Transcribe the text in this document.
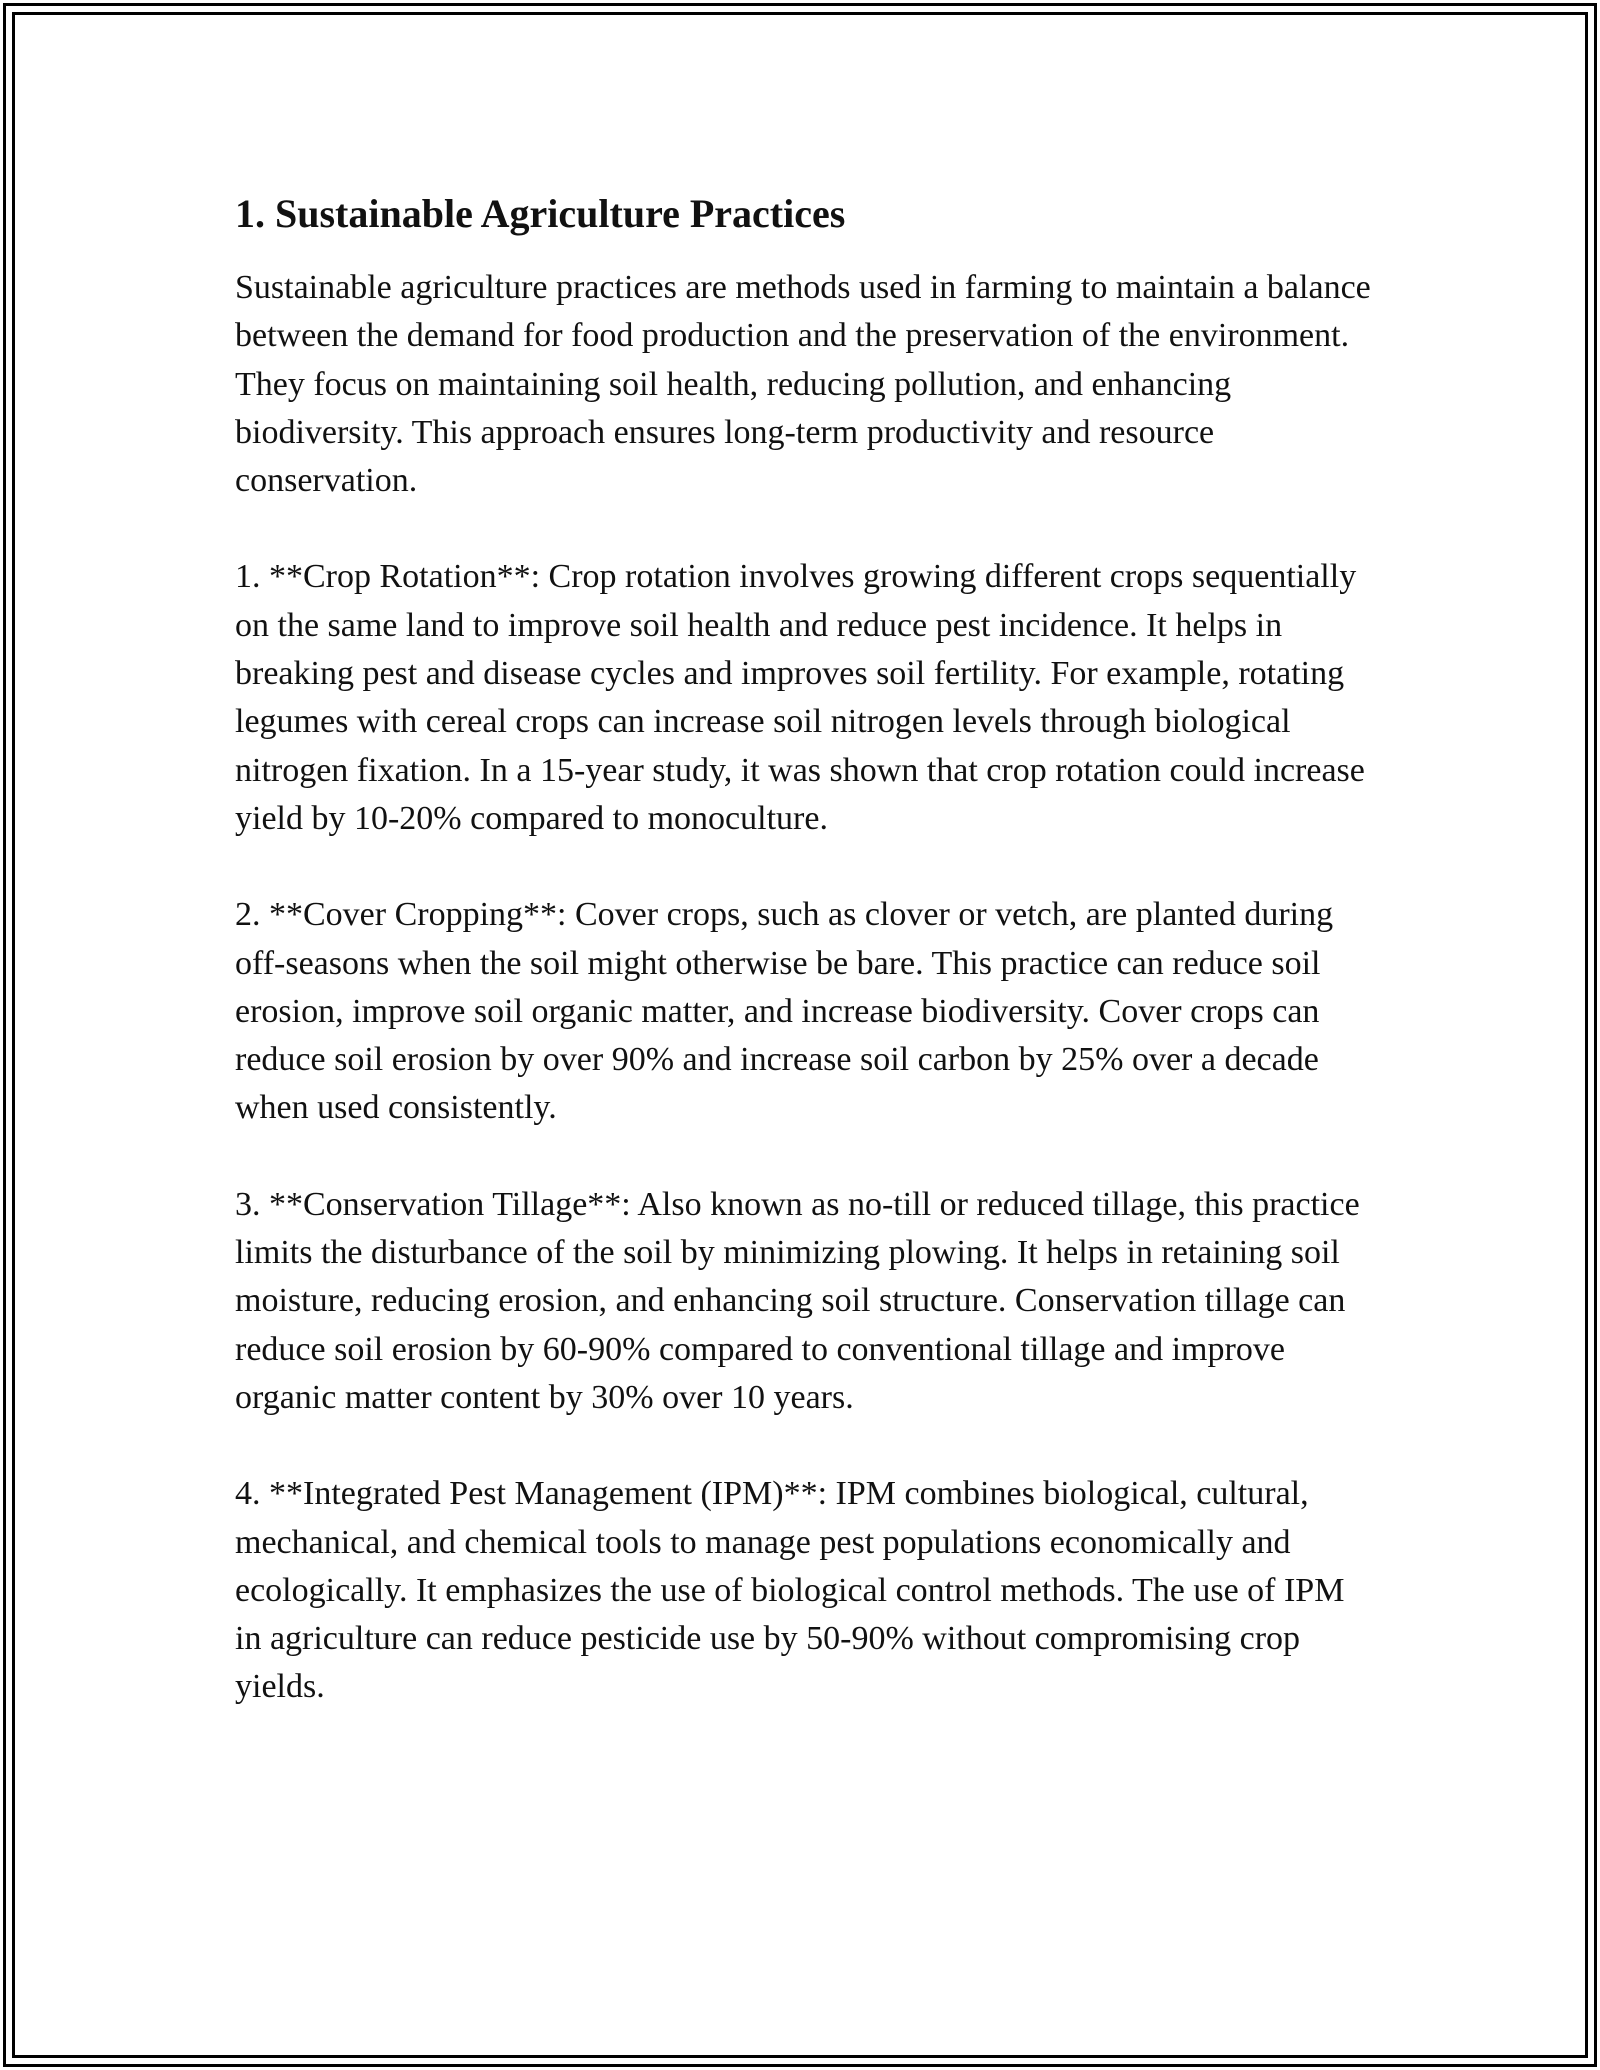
1. Sustainable Agriculture Practices

Sustainable agriculture practices are methods used in farming to maintain a balance between the demand for food production and the preservation of the environment. They focus on maintaining soil health, reducing pollution, and enhancing biodiversity. This approach ensures long-term productivity and resource conservation.

1. **Crop Rotation**: Crop rotation involves growing different crops sequentially on the same land to improve soil health and reduce pest incidence. It helps in breaking pest and disease cycles and improves soil fertility. For example, rotating legumes with cereal crops can increase soil nitrogen levels through biological nitrogen fixation. In a 15-year study, it was shown that crop rotation could increase yield by 10-20% compared to monoculture.

2. **Cover Cropping**: Cover crops, such as clover or vetch, are planted during off-seasons when the soil might otherwise be bare. This practice can reduce soil erosion, improve soil organic matter, and increase biodiversity. Cover crops can reduce soil erosion by over 90% and increase soil carbon by 25% over a decade when used consistently.

3. **Conservation Tillage**: Also known as no-till or reduced tillage, this practice limits the disturbance of the soil by minimizing plowing. It helps in retaining soil moisture, reducing erosion, and enhancing soil structure. Conservation tillage can reduce soil erosion by 60-90% compared to conventional tillage and improve organic matter content by 30% over 10 years.

4. **Integrated Pest Management (IPM)**: IPM combines biological, cultural, mechanical, and chemical tools to manage pest populations economically and ecologically. It emphasizes the use of biological control methods. The use of IPM in agriculture can reduce pesticide use by 50-90% without compromising crop yields.
